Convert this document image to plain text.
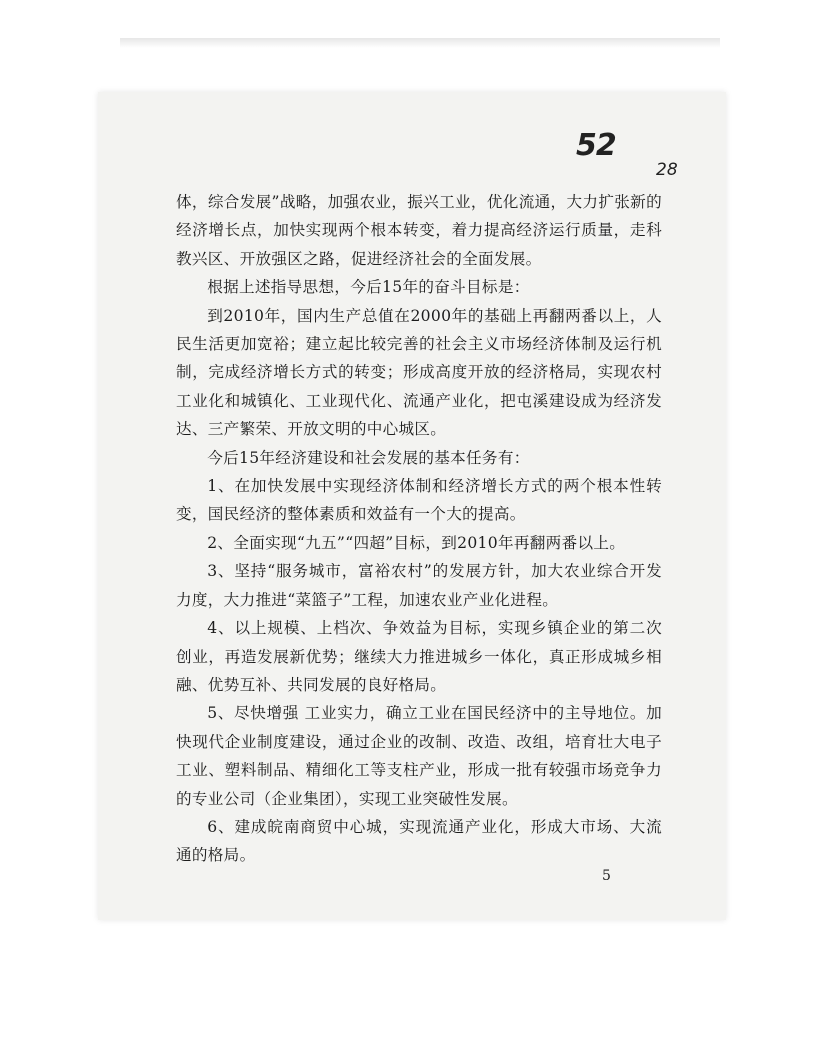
52
28

体，综合发展”战略，加强农业，振兴工业，优化流通，大力扩张新的经济增长点，加快实现两个根本转变，着力提高经济运行质量，走科教兴区、开放强区之路，促进经济社会的全面发展。

根据上述指导思想，今后15年的奋斗目标是：

到2010年，国内生产总值在2000年的基础上再翻两番以上，人民生活更加宽裕；建立起比较完善的社会主义市场经济体制及运行机制，完成经济增长方式的转变；形成高度开放的经济格局，实现农村工业化和城镇化、工业现代化、流通产业化，把屯溪建设成为经济发达、三产繁荣、开放文明的中心城区。

今后15年经济建设和社会发展的基本任务有：

1、在加快发展中实现经济体制和经济增长方式的两个根本性转变，国民经济的整体素质和效益有一个大的提高。

2、全面实现“九五”“四超”目标，到2010年再翻两番以上。

3、坚持“服务城市，富裕农村”的发展方针，加大农业综合开发力度，大力推进“菜篮子”工程，加速农业产业化进程。

4、以上规模、上档次、争效益为目标，实现乡镇企业的第二次创业，再造发展新优势；继续大力推进城乡一体化，真正形成城乡相融、优势互补、共同发展的良好格局。

5、尽快增强 工业实力，确立工业在国民经济中的主导地位。加快现代企业制度建设，通过企业的改制、改造、改组，培育壮大电子工业、塑料制品、精细化工等支柱产业，形成一批有较强市场竞争力的专业公司（企业集团），实现工业突破性发展。

6、建成皖南商贸中心城，实现流通产业化，形成大市场、大流通的格局。

5
